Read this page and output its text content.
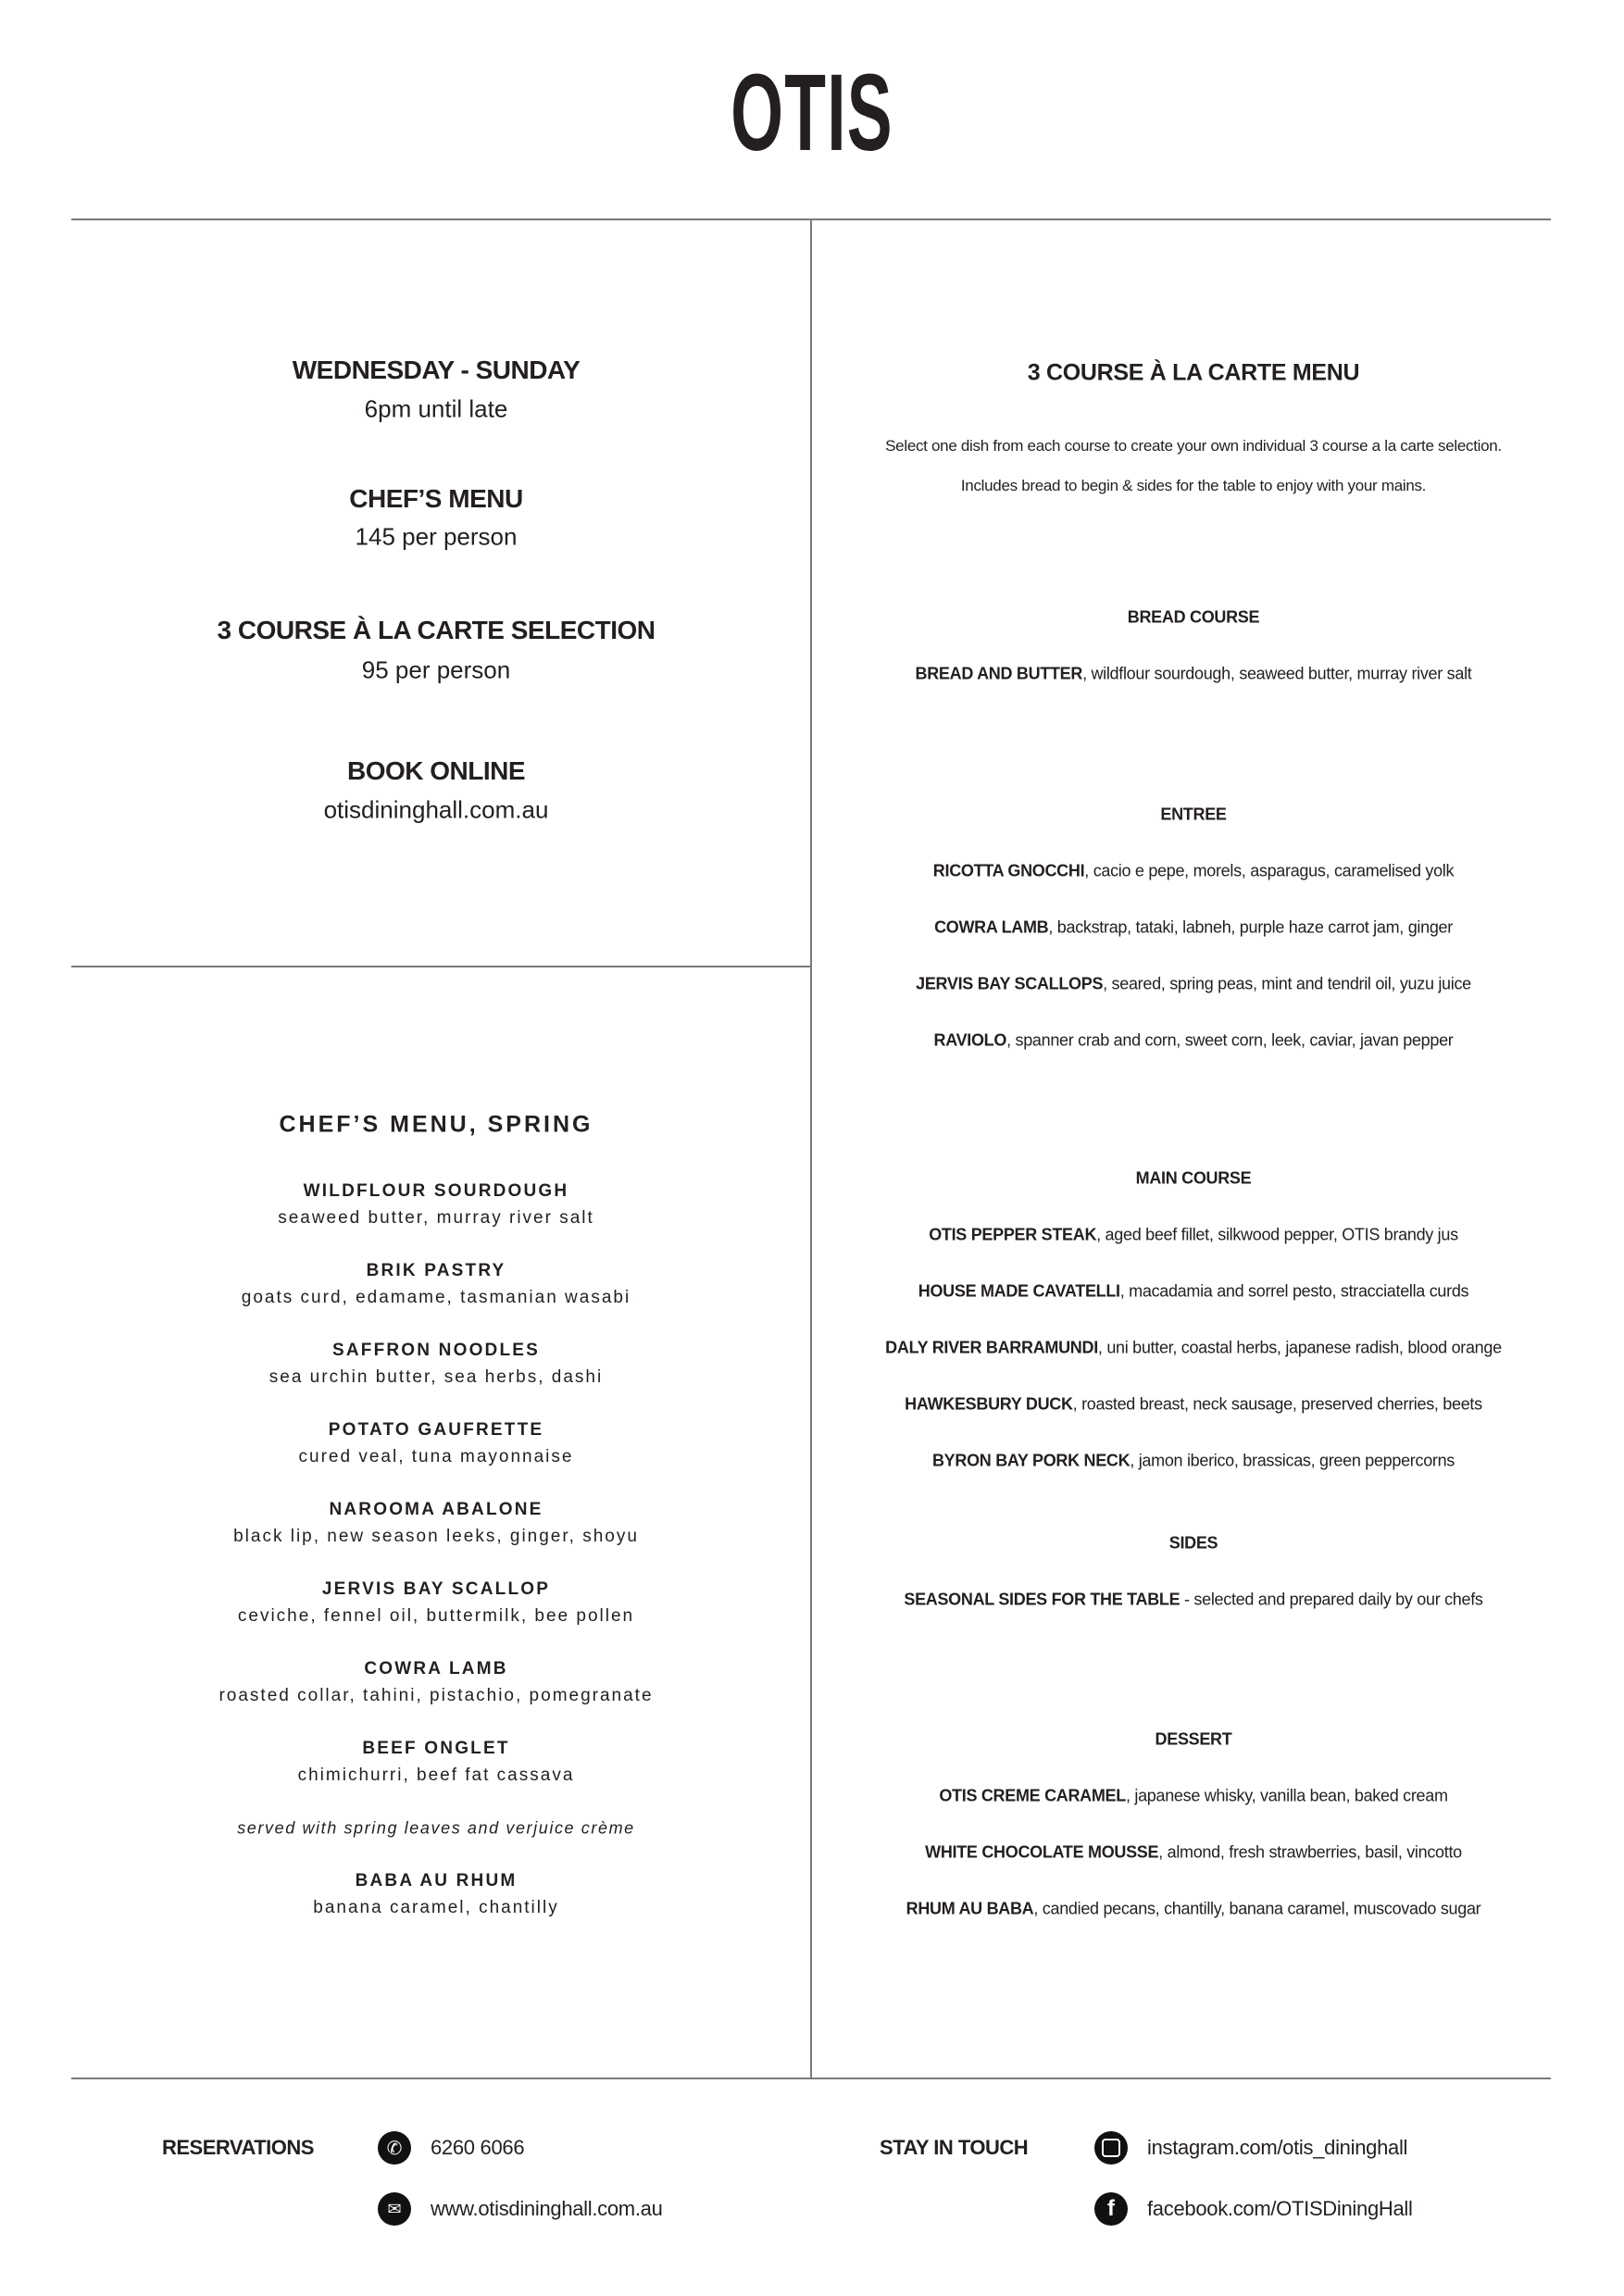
OTIS
WEDNESDAY - SUNDAY
6pm until late
CHEF’S MENU
145 per person
3 COURSE À LA CARTE SELECTION
95 per person
BOOK ONLINE
otisdininghall.com.au
CHEF’S MENU, SPRING
WILDFLOUR SOURDOUGH
seaweed butter, murray river salt
BRIK PASTRY
goats curd, edamame, tasmanian wasabi
SAFFRON NOODLES
sea urchin butter, sea herbs, dashi
POTATO GAUFRETTE
cured veal, tuna mayonnaise
NAROOMA ABALONE
black lip, new season leeks, ginger, shoyu
JERVIS BAY SCALLOP
ceviche, fennel oil, buttermilk, bee pollen
COWRA LAMB
roasted collar, tahini, pistachio, pomegranate
BEEF ONGLET
chimichurri, beef fat cassava
served with spring leaves and verjuice crème
BABA AU RHUM
banana caramel, chantilly
3 COURSE À LA CARTE MENU
Select one dish from each course to create your own individual 3 course a la carte selection.
Includes bread to begin & sides for the table to enjoy with your mains.
BREAD COURSE
BREAD AND BUTTER, wildflour sourdough, seaweed butter, murray river salt
ENTREE
RICOTTA GNOCCHI, cacio e pepe, morels, asparagus, caramelised yolk
COWRA LAMB, backstrap, tataki, labneh, purple haze carrot jam, ginger
JERVIS BAY SCALLOPS, seared, spring peas, mint and tendril oil, yuzu juice
RAVIOLO, spanner crab and corn, sweet corn, leek, caviar, javan pepper
MAIN COURSE
OTIS PEPPER STEAK, aged beef fillet, silkwood pepper, OTIS brandy jus
HOUSE MADE CAVATELLI, macadamia and sorrel pesto, stracciatella curds
DALY RIVER BARRAMUNDI, uni butter, coastal herbs, japanese radish, blood orange
HAWKESBURY DUCK, roasted breast, neck sausage, preserved cherries, beets
BYRON BAY PORK NECK, jamon iberico, brassicas, green peppercorns
SIDES
SEASONAL SIDES FOR THE TABLE - selected and prepared daily by our chefs
DESSERT
OTIS CREME CARAMEL, japanese whisky, vanilla bean, baked cream
WHITE CHOCOLATE MOUSSE, almond, fresh strawberries, basil, vincotto
RHUM AU BABA, candied pecans, chantilly, banana caramel, muscovado sugar
RESERVATIONS	✆	6260 6066
✉	www.otisdininghall.com.au
STAY IN TOUCH	instagram.com/otis_dininghall
f	facebook.com/OTISDiningHall
